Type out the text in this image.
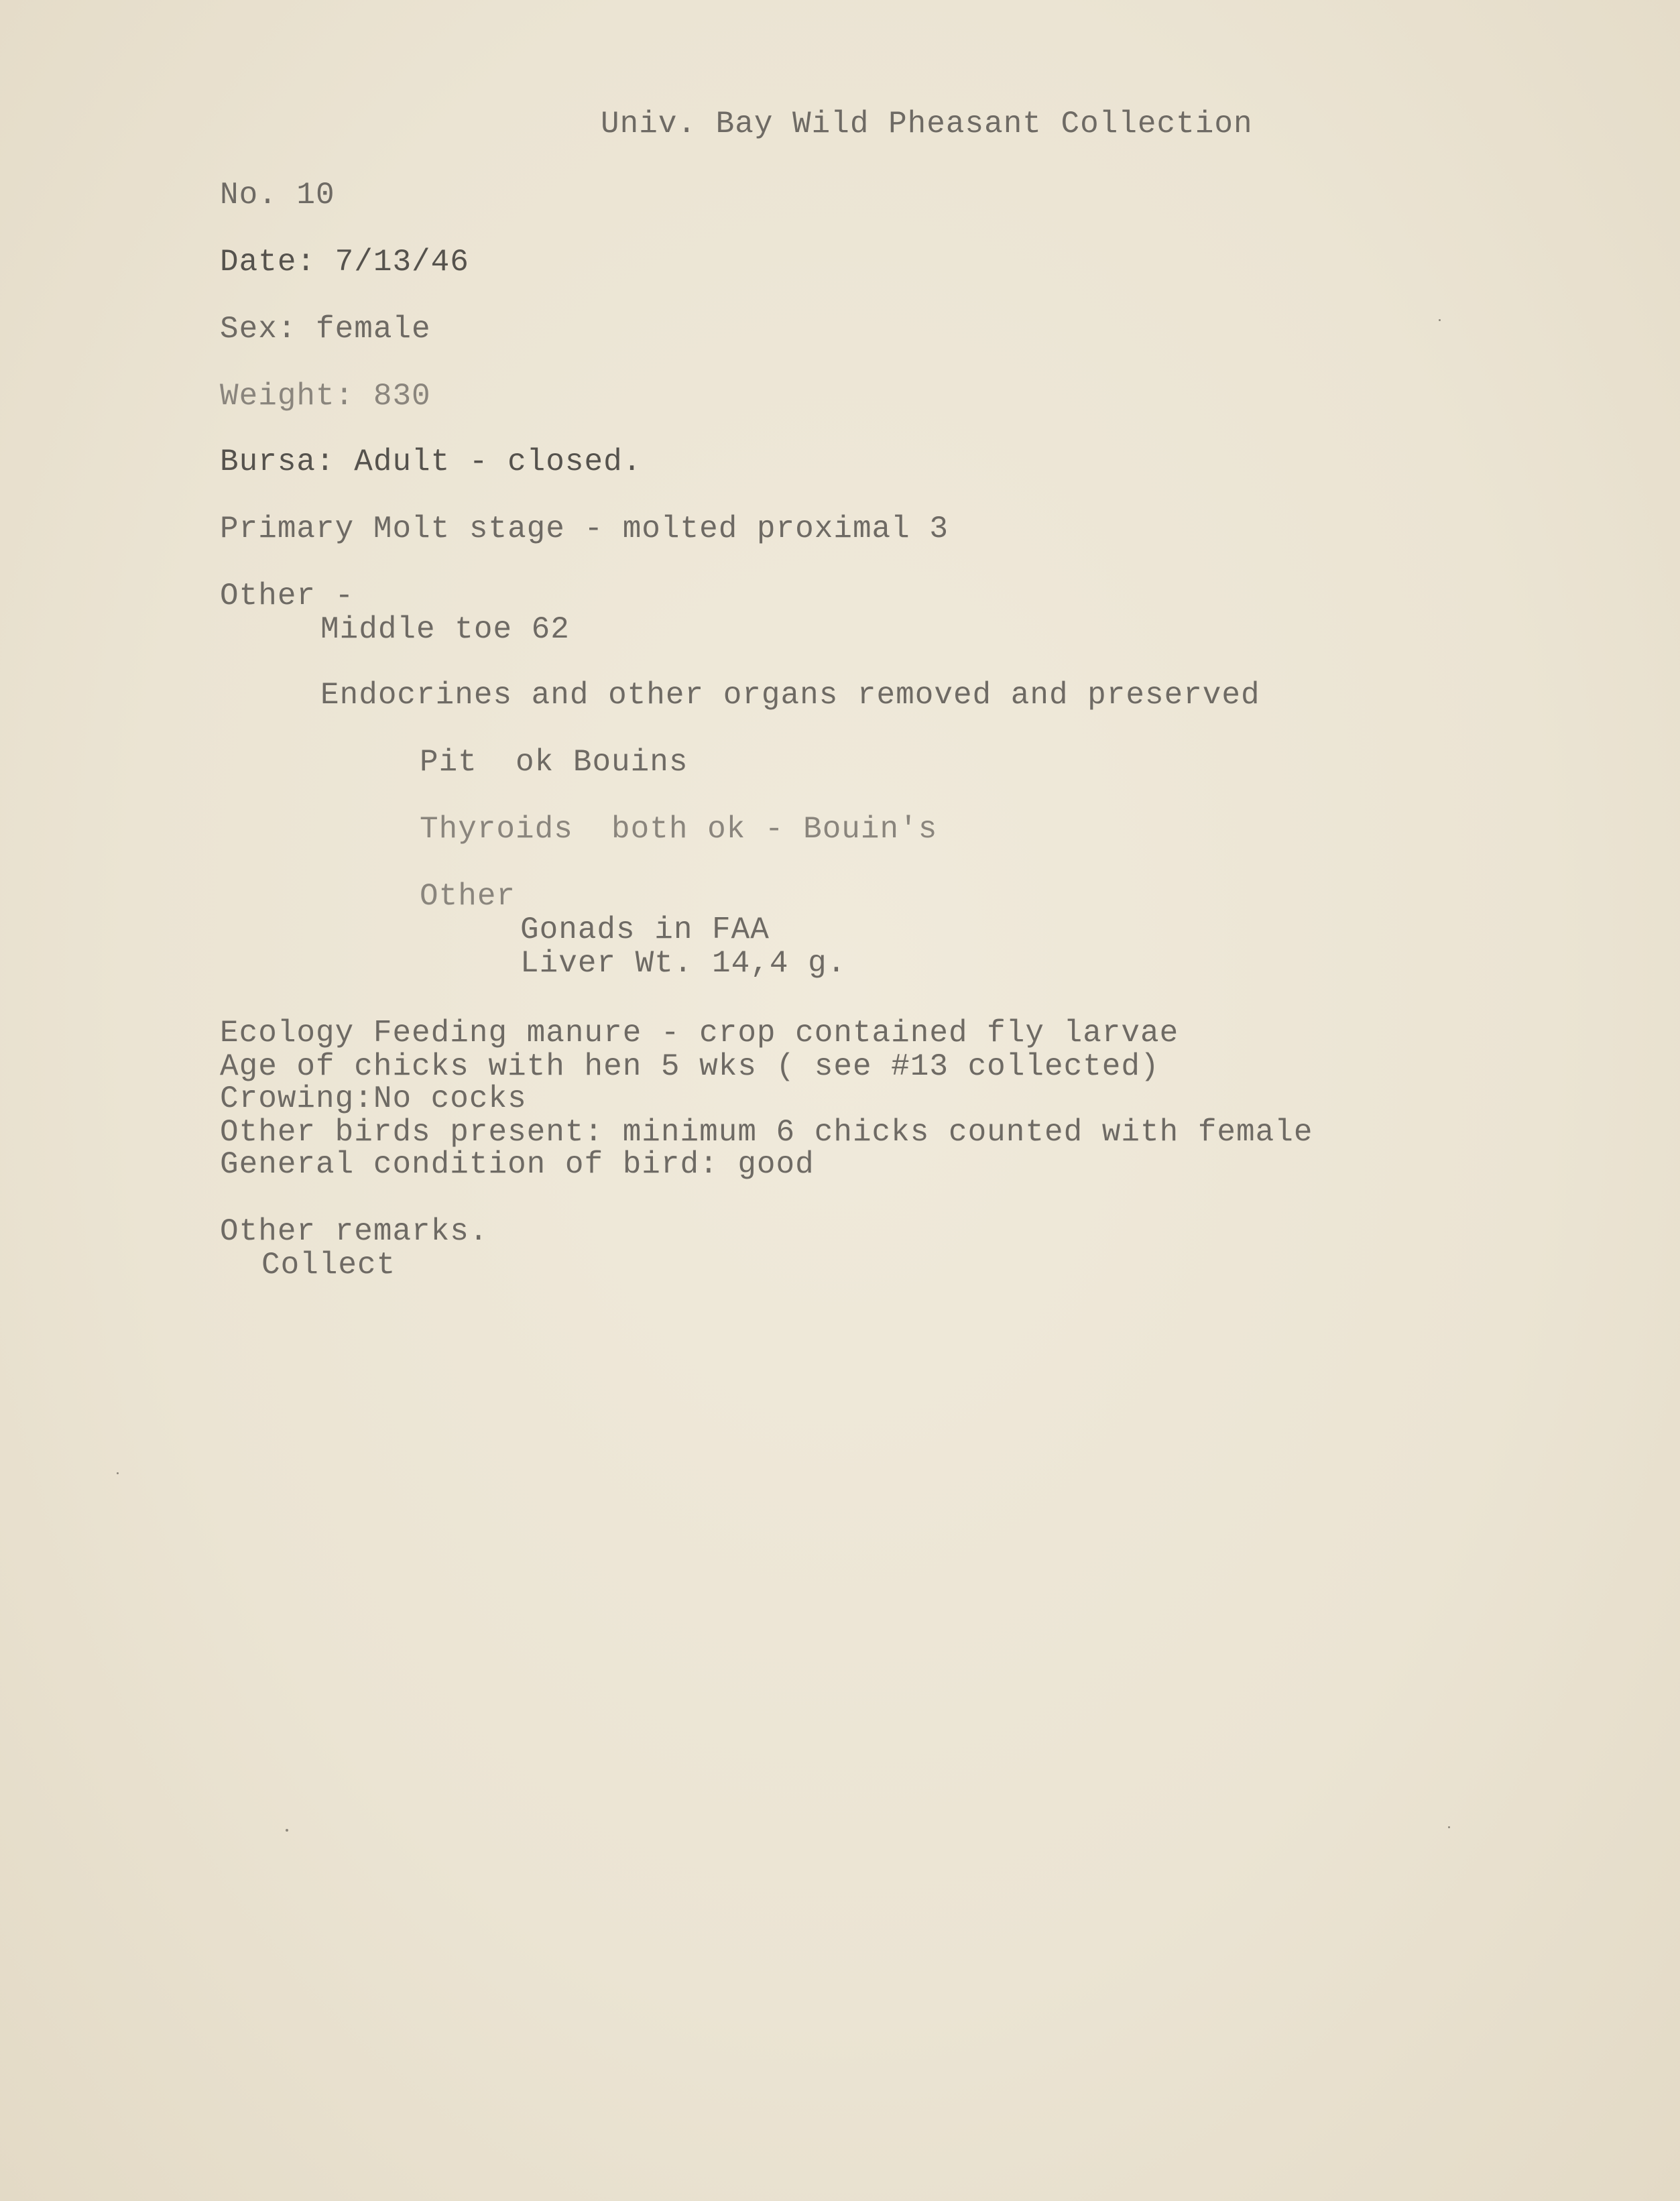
Univ. Bay Wild Pheasant Collection
No. 10
Date: 7/13/46
Sex: female
Weight: 830
Bursa: Adult - closed.
Primary Molt stage - molted proximal 3
Other -
Middle toe 62
Endocrines and other organs removed and preserved
Pit  ok Bouins
Thyroids  both ok - Bouin's
Other
Gonads in FAA
Liver Wt. 14,4 g.
Ecology Feeding manure - crop contained fly larvae
Age of chicks with hen 5 wks ( see #13 collected)
Crowing:No cocks
Other birds present: minimum 6 chicks counted with female
General condition of bird: good
Other remarks.
Collect
